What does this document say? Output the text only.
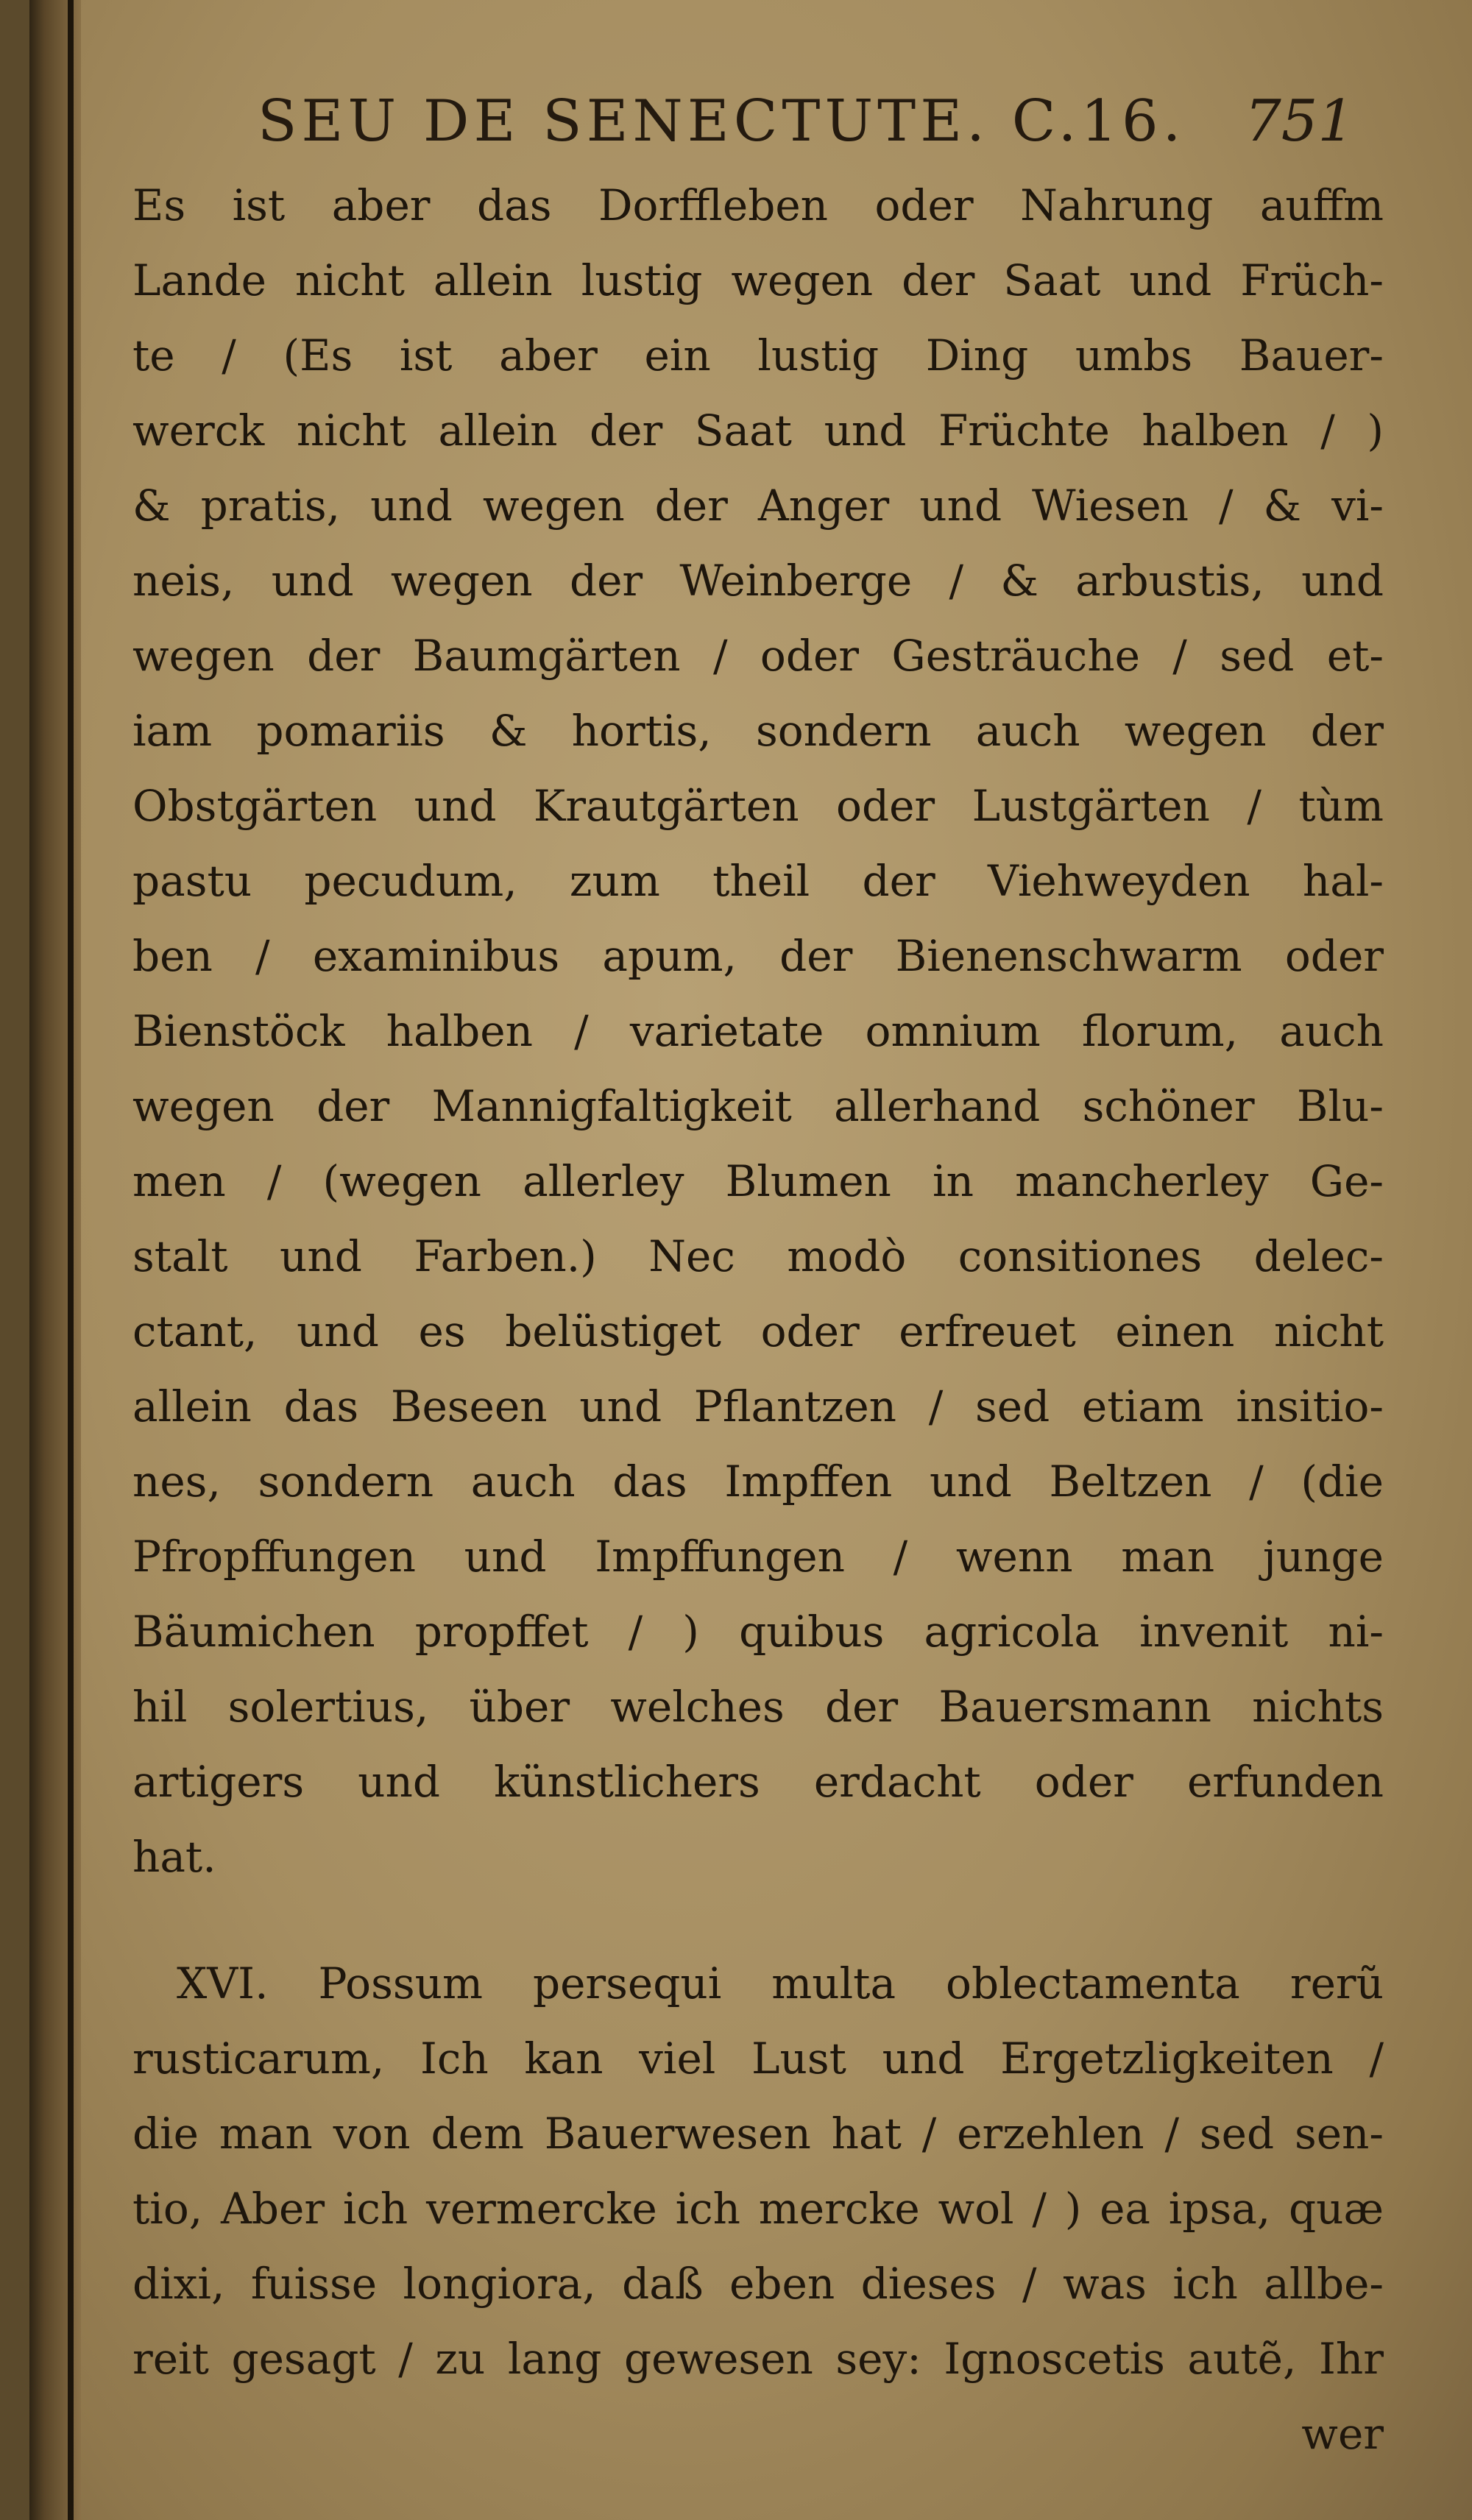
SEU DE SENECTUTE. C.16. 751
Es ist aber das Dorffleben oder Nahrung auffm
Lande nicht allein lustig wegen der Saat und Früch-
te / (Es ist aber ein lustig Ding umbs Bauer-
werck nicht allein der Saat und Früchte halben / )
& pratis, und wegen der Anger und Wiesen / & vi-
neis, und wegen der Weinberge / & arbustis, und
wegen der Baumgärten / oder Gesträuche / sed et-
iam pomariis & hortis, sondern auch wegen der
Obstgärten und Krautgärten oder Lustgärten / tùm
pastu pecudum, zum theil der Viehweyden hal-
ben / examinibus apum, der Bienenschwarm oder
Bienstöck halben / varietate omnium florum, auch
wegen der Mannigfaltigkeit allerhand schöner Blu-
men / (wegen allerley Blumen in mancherley Ge-
stalt und Farben.) Nec modò consitiones delec-
ctant, und es belüstiget oder erfreuet einen nicht
allein das Beseen und Pflantzen / sed etiam insitio-
nes, sondern auch das Impffen und Beltzen / (die
Pfropffungen und Impffungen / wenn man junge
Bäumichen propffet / ) quibus agricola invenit ni-
hil solertius, über welches der Bauersmann nichts
artigers und künstlichers erdacht oder erfunden
hat.
XVI. Possum persequi multa oblectamenta rerũ
rusticarum, Ich kan viel Lust und Ergetzligkeiten /
die man von dem Bauerwesen hat / erzehlen / sed sen-
tio, Aber ich vermercke ich mercke wol / ) ea ipsa, quæ
dixi, fuisse longiora, daß eben dieses / was ich allbe-
reit gesagt / zu lang gewesen sey: Ignoscetis autẽ, Ihr
wer
